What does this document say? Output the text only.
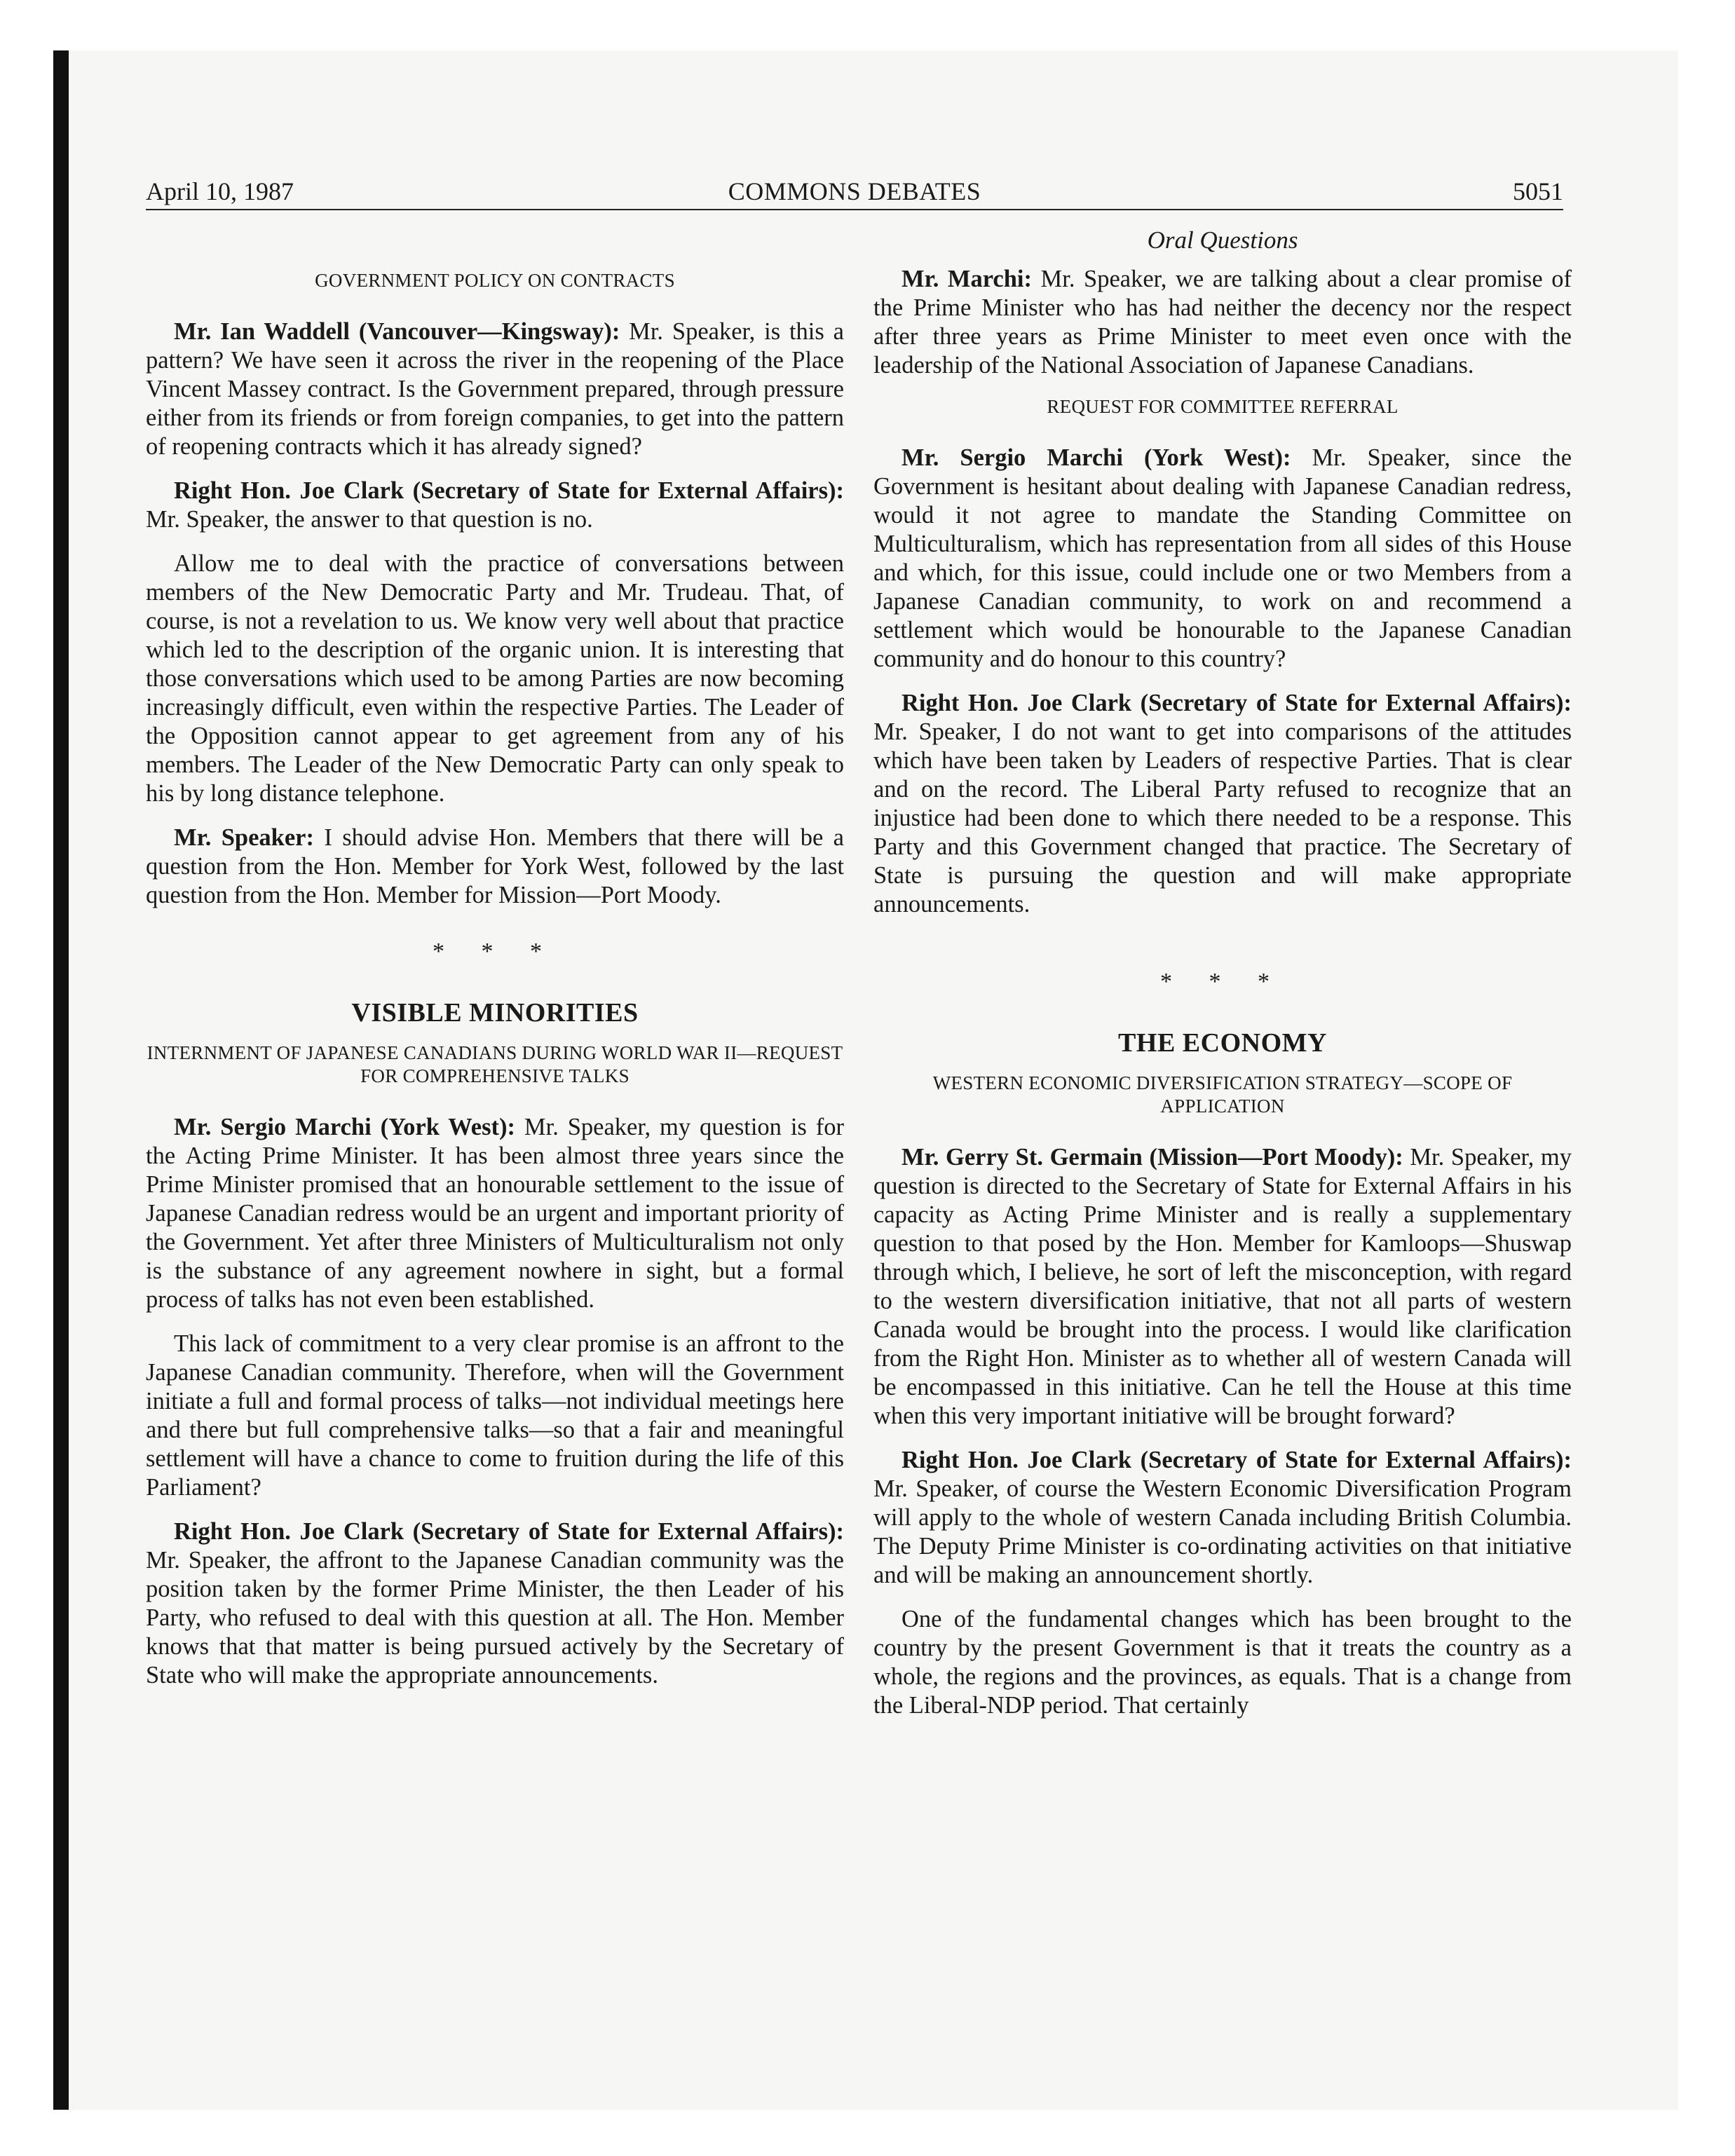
April 10, 1987	COMMONS DEBATES	5051
GOVERNMENT POLICY ON CONTRACTS

Mr. Ian Waddell (Vancouver—Kingsway): Mr. Speaker, is this a pattern? We have seen it across the river in the reopening of the Place Vincent Massey contract. Is the Government prepared, through pressure either from its friends or from foreign companies, to get into the pattern of reopening contracts which it has already signed?

Right Hon. Joe Clark (Secretary of State for External Affairs): Mr. Speaker, the answer to that question is no.

Allow me to deal with the practice of conversations between members of the New Democratic Party and Mr. Trudeau. That, of course, is not a revelation to us. We know very well about that practice which led to the description of the organic union. It is interesting that those conversations which used to be among Parties are now becoming increasingly difficult, even within the respective Parties. The Leader of the Opposition cannot appear to get agreement from any of his members. The Leader of the New Democratic Party can only speak to his by long distance telephone.

Mr. Speaker: I should advise Hon. Members that there will be a question from the Hon. Member for York West, followed by the last question from the Hon. Member for Mission—Port Moody.

* * *
VISIBLE MINORITIES
INTERNMENT OF JAPANESE CANADIANS DURING WORLD WAR II—REQUEST FOR COMPREHENSIVE TALKS

Mr. Sergio Marchi (York West): Mr. Speaker, my question is for the Acting Prime Minister. It has been almost three years since the Prime Minister promised that an honourable settlement to the issue of Japanese Canadian redress would be an urgent and important priority of the Government. Yet after three Ministers of Multiculturalism not only is the substance of any agreement nowhere in sight, but a formal process of talks has not even been established.

This lack of commitment to a very clear promise is an affront to the Japanese Canadian community. Therefore, when will the Government initiate a full and formal process of talks—not individual meetings here and there but full comprehensive talks—so that a fair and meaningful settlement will have a chance to come to fruition during the life of this Parliament?

Right Hon. Joe Clark (Secretary of State for External Affairs): Mr. Speaker, the affront to the Japanese Canadian community was the position taken by the former Prime Minister, the then Leader of his Party, who refused to deal with this question at all. The Hon. Member knows that that matter is being pursued actively by the Secretary of State who will make the appropriate announcements.

Oral Questions

Mr. Marchi: Mr. Speaker, we are talking about a clear promise of the Prime Minister who has had neither the decency nor the respect after three years as Prime Minister to meet even once with the leadership of the National Association of Japanese Canadians.

REQUEST FOR COMMITTEE REFERRAL

Mr. Sergio Marchi (York West): Mr. Speaker, since the Government is hesitant about dealing with Japanese Canadian redress, would it not agree to mandate the Standing Committee on Multiculturalism, which has representation from all sides of this House and which, for this issue, could include one or two Members from a Japanese Canadian community, to work on and recommend a settlement which would be honourable to the Japanese Canadian community and do honour to this country?

Right Hon. Joe Clark (Secretary of State for External Affairs): Mr. Speaker, I do not want to get into comparisons of the attitudes which have been taken by Leaders of respective Parties. That is clear and on the record. The Liberal Party refused to recognize that an injustice had been done to which there needed to be a response. This Party and this Government changed that practice. The Secretary of State is pursuing the question and will make appropriate announcements.

* * *
THE ECONOMY
WESTERN ECONOMIC DIVERSIFICATION STRATEGY—SCOPE OF APPLICATION

Mr. Gerry St. Germain (Mission—Port Moody): Mr. Speaker, my question is directed to the Secretary of State for External Affairs in his capacity as Acting Prime Minister and is really a supplementary question to that posed by the Hon. Member for Kamloops—Shuswap through which, I believe, he sort of left the misconception, with regard to the western diversification initiative, that not all parts of western Canada would be brought into the process. I would like clarification from the Right Hon. Minister as to whether all of western Canada will be encompassed in this initiative. Can he tell the House at this time when this very important initiative will be brought forward?

Right Hon. Joe Clark (Secretary of State for External Affairs): Mr. Speaker, of course the Western Economic Diversification Program will apply to the whole of western Canada including British Columbia. The Deputy Prime Minister is co-ordinating activities on that initiative and will be making an announcement shortly.

One of the fundamental changes which has been brought to the country by the present Government is that it treats the country as a whole, the regions and the provinces, as equals. That is a change from the Liberal-NDP period. That certainly
